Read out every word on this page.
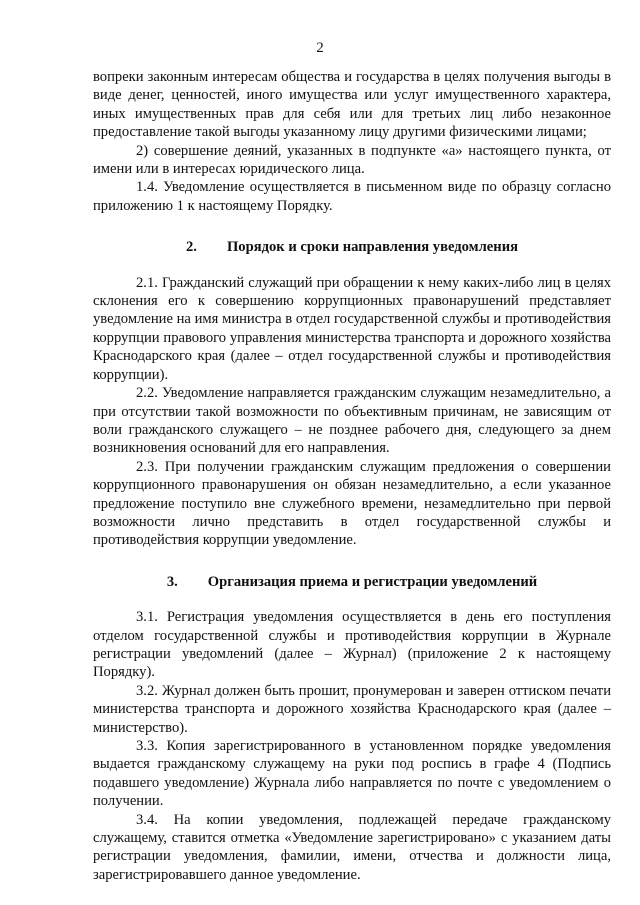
2

вопреки законным интересам общества и государства в целях получения выгоды в виде денег, ценностей, иного имущества или услуг имущественного характера, иных имущественных прав для себя или для третьих лиц либо незаконное предоставление такой выгоды указанному лицу другими физическими лицами;

2) совершение деяний, указанных в подпункте «а» настоящего пункта, от имени или в интересах юридического лица.

1.4. Уведомление осуществляется в письменном виде по образцу согласно приложению 1 к настоящему Порядку.

2. Порядок и сроки направления уведомления

2.1. Гражданский служащий при обращении к нему каких-либо лиц в целях склонения его к совершению коррупционных правонарушений представляет уведомление на имя министра в отдел государственной службы и противодействия коррупции правового управления министерства транспорта и дорожного хозяйства Краснодарского края (далее – отдел государственной службы и противодействия коррупции).

2.2. Уведомление направляется гражданским служащим незамедлительно, а при отсутствии такой возможности по объективным причинам, не зависящим от воли гражданского служащего – не позднее рабочего дня, следующего за днем возникновения оснований для его направления.

2.3. При получении гражданским служащим предложения о совершении коррупционного правонарушения он обязан незамедлительно, а если указанное предложение поступило вне служебного времени, незамедлительно при первой возможности лично представить в отдел государственной службы и противодействия коррупции уведомление.

3. Организация приема и регистрации уведомлений

3.1. Регистрация уведомления осуществляется в день его поступления отделом государственной службы и противодействия коррупции в Журнале регистрации уведомлений (далее – Журнал) (приложение 2 к настоящему Порядку).

3.2. Журнал должен быть прошит, пронумерован и заверен оттиском печати министерства транспорта и дорожного хозяйства Краснодарского края (далее – министерство).

3.3. Копия зарегистрированного в установленном порядке уведомления выдается гражданскому служащему на руки под роспись в графе 4 (Подпись подавшего уведомление) Журнала либо направляется по почте с уведомлением о получении.

3.4. На копии уведомления, подлежащей передаче гражданскому служащему, ставится отметка «Уведомление зарегистрировано» с указанием даты регистрации уведомления, фамилии, имени, отчества и должности лица, зарегистрировавшего данное уведомление.
